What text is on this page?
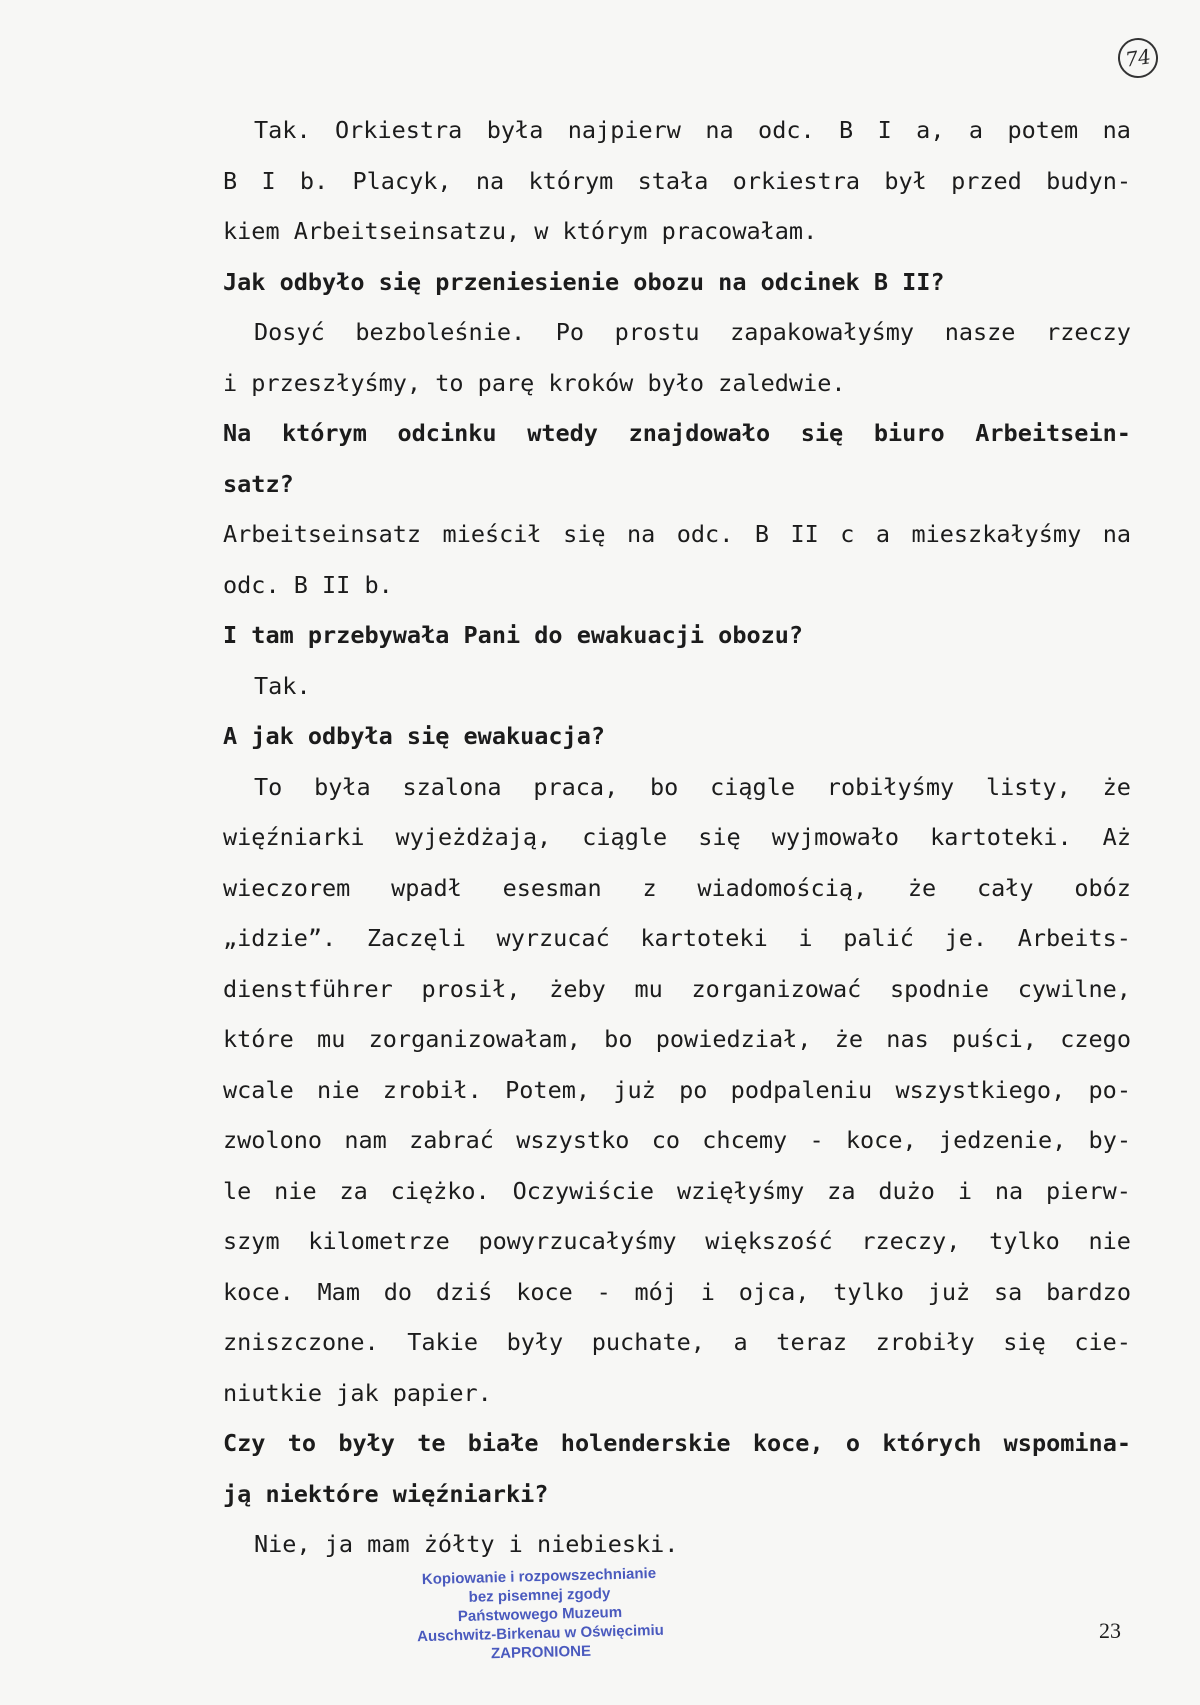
74
Tak. Orkiestra była najpierw na odc. B I a, a potem na
B I b. Placyk, na którym stała orkiestra był przed budyn-
kiem Arbeitseinsatzu, w którym pracowałam.
Jak odbyło się przeniesienie obozu na odcinek B II?
Dosyć bezboleśnie. Po prostu zapakowałyśmy nasze rzeczy
i przeszłyśmy, to parę kroków było zaledwie.
Na którym odcinku wtedy znajdowało się biuro Arbeitsein-
satz?
Arbeitseinsatz mieścił się na odc. B II c a mieszkałyśmy na
odc. B II b.
I tam przebywała Pani do ewakuacji obozu?
Tak.
A jak odbyła się ewakuacja?
To była szalona praca, bo ciągle robiłyśmy listy, że
więźniarki wyjeżdżają, ciągle się wyjmowało kartoteki. Aż
wieczorem wpadł esesman z wiadomością, że cały obóz
„idzie”. Zaczęli wyrzucać kartoteki i palić je. Arbeits-
dienstführer prosił, żeby mu zorganizować spodnie cywilne,
które mu zorganizowałam, bo powiedział, że nas puści, czego
wcale nie zrobił. Potem, już po podpaleniu wszystkiego, po-
zwolono nam zabrać wszystko co chcemy - koce, jedzenie, by-
le nie za ciężko. Oczywiście wzięłyśmy za dużo i na pierw-
szym kilometrze powyrzucałyśmy większość rzeczy, tylko nie
koce. Mam do dziś koce - mój i ojca, tylko już sa bardzo
zniszczone. Takie były puchate, a teraz zrobiły się cie-
niutkie jak papier.
Czy to były te białe holenderskie koce, o których wspomina-
ją niektóre więźniarki?
Nie, ja mam żółty i niebieski.
Kopiowanie i rozpowszechnianie
bez pisemnej zgody
Państwowego Muzeum
Auschwitz-Birkenau w Oświęcimiu
ZAPRONIONE
23
